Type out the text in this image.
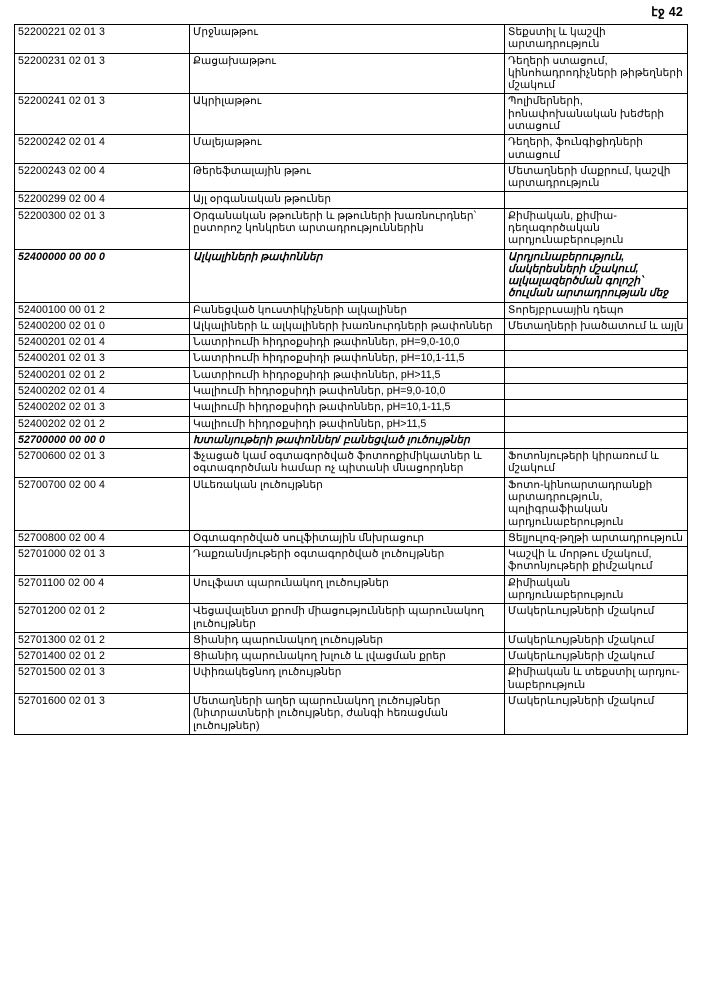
էջ 42
52200221 02 01 3	Մրջնաթթու	Տեքստիլ և կաշվի արտադրություն
52200231 02 01 3	Քացախաթթու	Դեղերի ստացում, կինոհադրոդիչների թիթեղների մշակում
52200241 02 01 3	Ակրիլաթթու	Պոլիմերների, իոնափոխանական խեժերի ստացում
52200242 02 01 4	Մալեյաթթու	Դեղերի, ֆունգիցիդների ստացում
52200243 02 00 4	Թերեֆտալային թթու	Մետաղների մաքրում, կաշվի արտադրություն
52200299 02 00 4	Այլ օրգանական թթուներ	
52200300 02 01 3	Օրգանական թթուների և թթուների խառնուրդներ՝ ըստորոշ կոնկրետ արտադրություններին	Քիմիական, քիմիա-դեղագործական արդյունաբերություն
52400000 00 00 0	Ալկալիների թափոններ	Արդյունաբերություն, մակերեսների մշակում, ալկալազերծման գոլոշի՝ ծուլման արտադրության մեջ
52400100 00 01 2	Բանեցված կուստիկիչների ալկալիներ	Տորեյբրւսային դեպո
52400200 02 01 0	Ալկալիների և ալկալիների խառնուրդների թափոններ	Մետաղների խածատում և այլն
52400201 02 01 4	Նատրիումի հիդրօքսիդի թափոններ, pH=9,0-10,0	
52400201 02 01 3	Նատրիումի հիդրօքսիդի թափոններ, pH=10,1-11,5	
52400201 02 01 2	Նատրիումի հիդրօքսիդի թափոններ, pH>11,5	
52400202 02 01 4	Կալիումի հիդրօքսիդի թափոններ, pH=9,0-10,0	
52400202 02 01 3	Կալիումի հիդրօքսիդի թափոններ, pH=10,1-11,5	
52400202 02 01 2	Կալիումի հիդրօքսիդի թափոններ, pH>11,5	
52700000 00 00 0	Խտանյութերի թափոններ/ բանեցված լուծույթներ	
52700600 02 01 3	Ֆչացած կամ օգտագործված ֆոտոոքիմիկատներ և օգտագործման համար ոչ պիտանի մնացորդներ	Ֆոտոնյութերի կիրառում և մշակում
52700700 02 00 4	Սևեռական լուծույթներ	Ֆոտո-կինոարտադրանքի արտադրություն, պոլիգրաֆիական արդյունաբերություն
52700800 02 00 4	Օգտագործված սուլֆիտային մնխրացուր	Ցելյուլոզ-թղթի արտադրություն
52701000 02 01 3	Դաքռանմյութերի օգտագործված լուծույթներ	Կաշվի և մորթու մշակում, ֆոտոնյութերի քիմշակում
52701100 02 00 4	Սուլֆատ պարունակող լուծույթներ	Քիմիական արդյունաբերություն
52701200 02 01 2	Վեցավալենտ քրոմի միացությունների պարունակող լուծույթներ	Մակերևույթների մշակում
52701300 02 01 2	Ցիանիդ պարունակող լուծույթներ	Մակերևույթների մշակում
52701400 02 01 2	Ցիանիդ պարունակող խլուծ և լվացման քրեր	Մակերևույթների մշակում
52701500 02 01 3	Սփիռակեցնոդ լուծույթներ	Քիմիական և տեքստիլ արդյու-նաբերություն
52701600 02 01 3	Մետաղների աղեր պարունակող լուծույթներ (նիտրատների լուծույթներ, ժանգի հեռացման լուծույթներ)	Մակերևույթների մշակում
